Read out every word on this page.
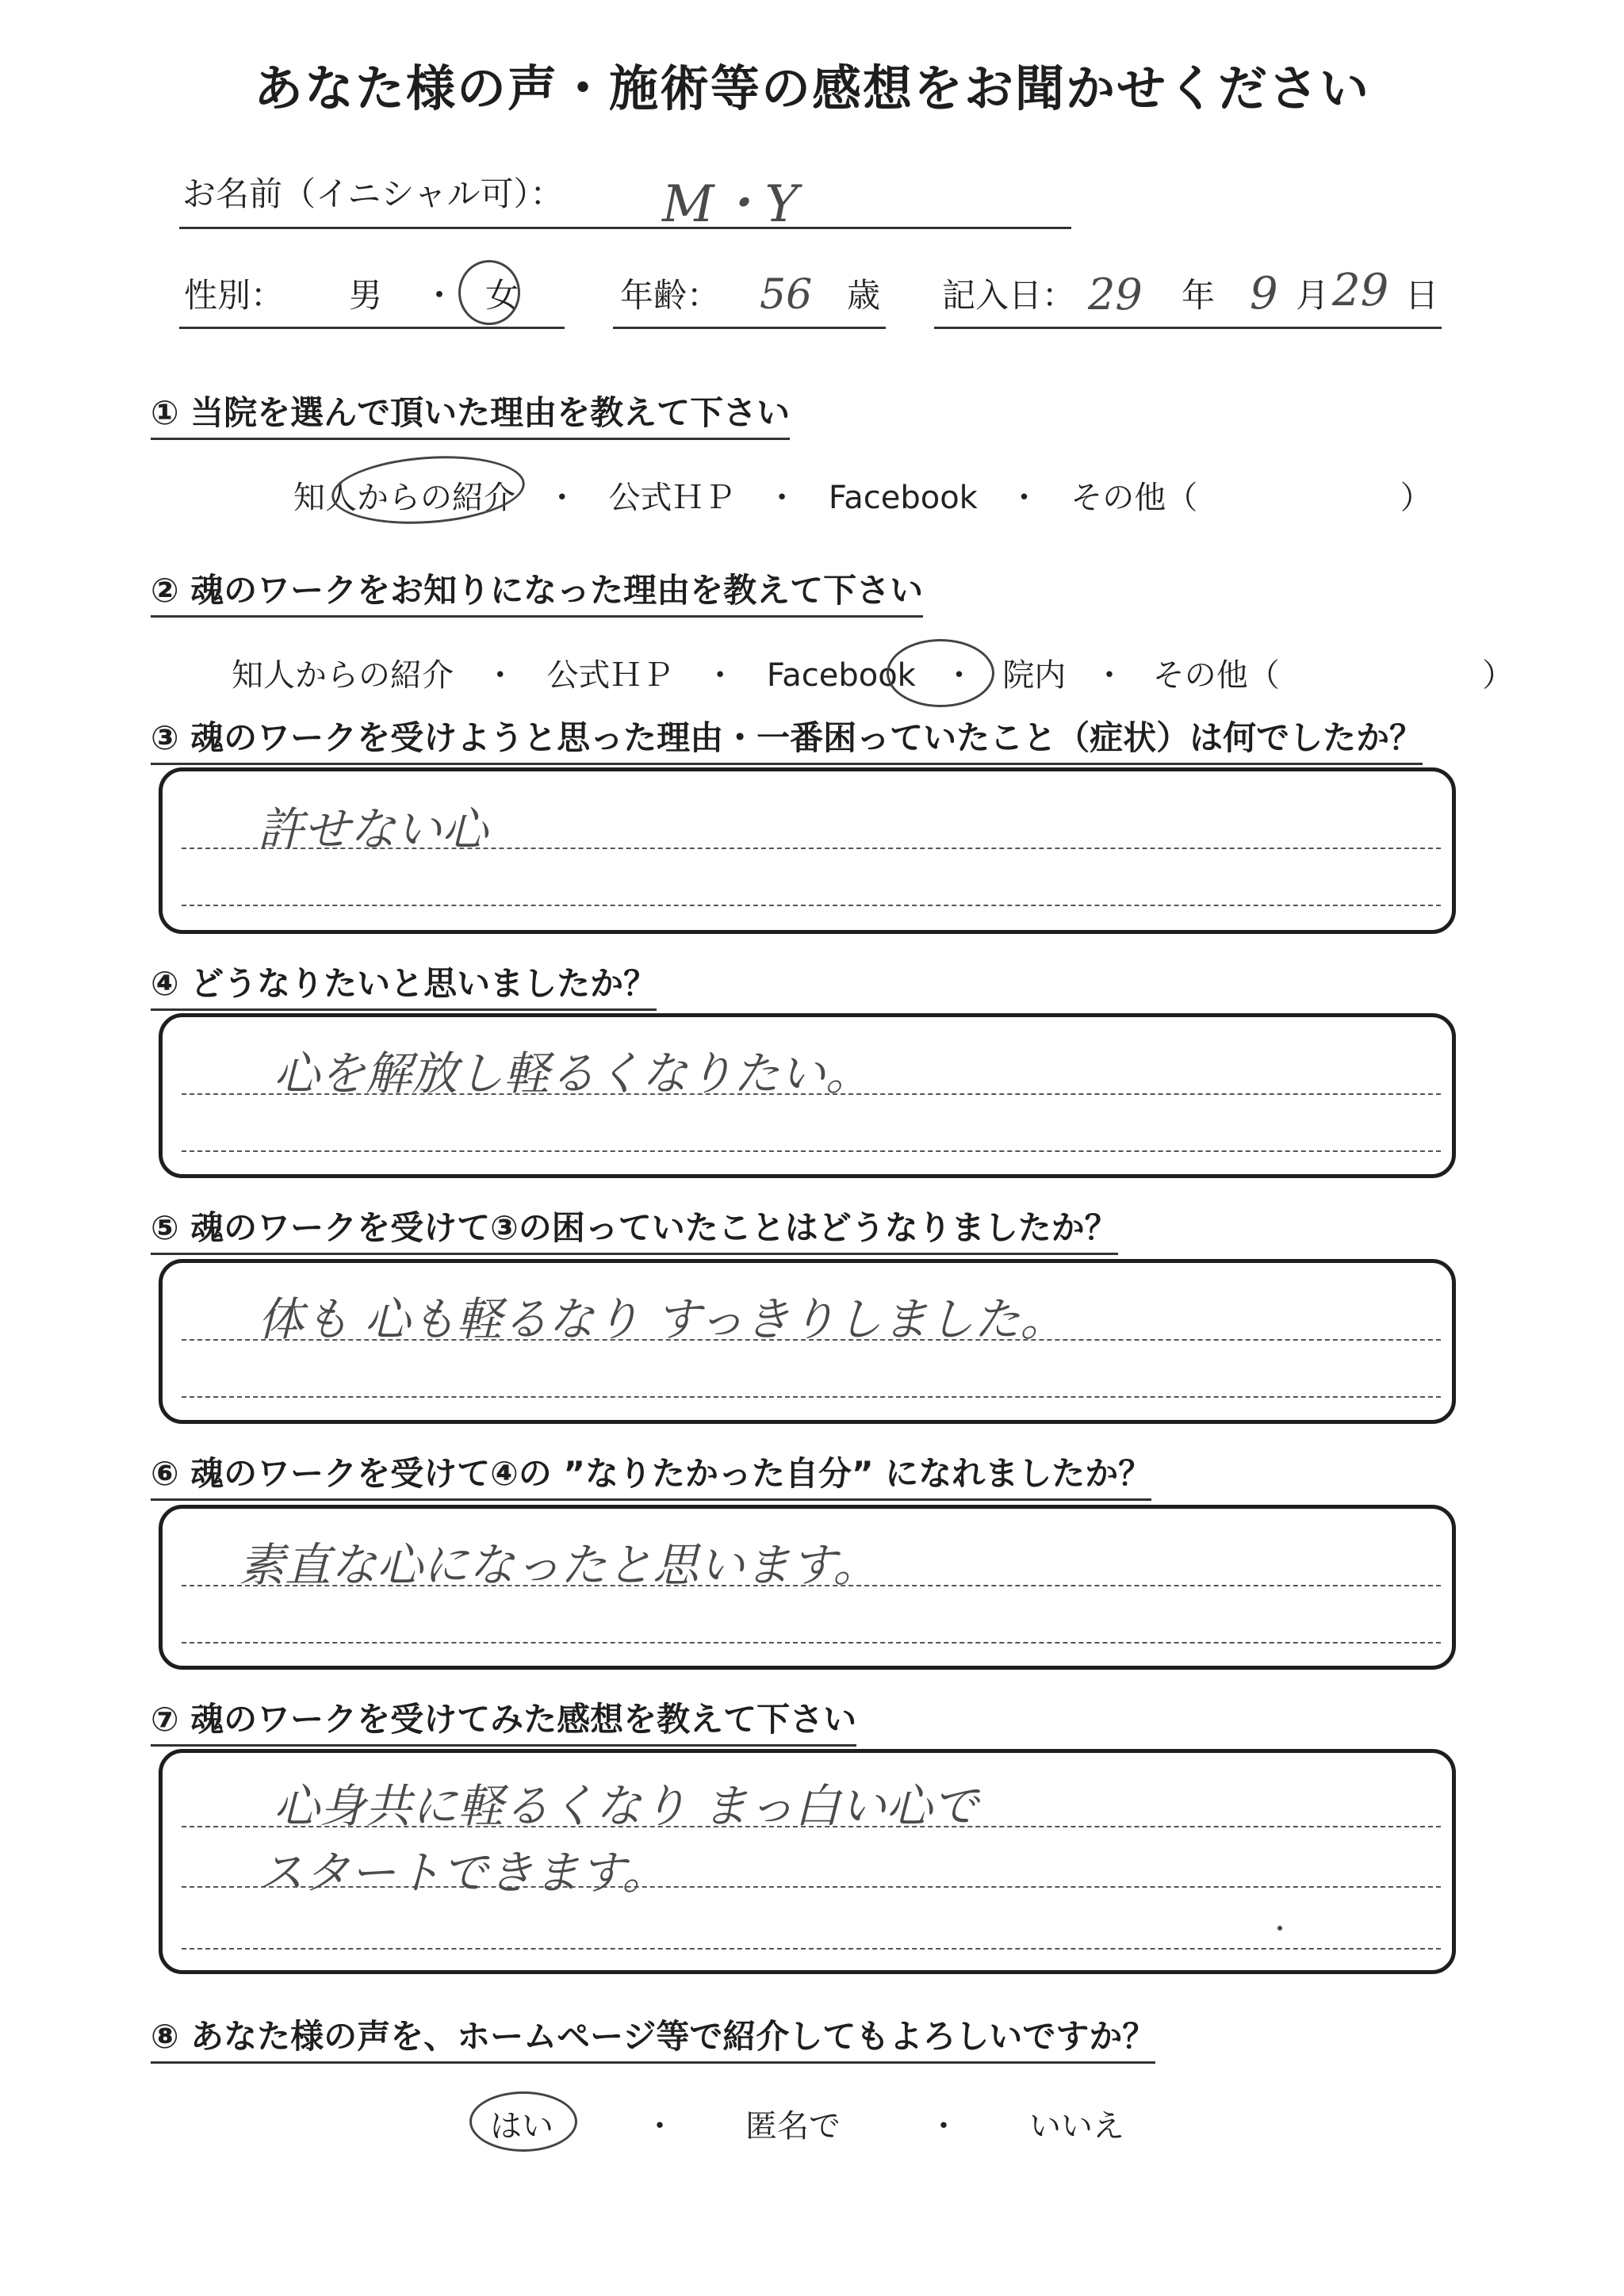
あなた様の声・施術等の感想をお聞かせください
お名前（イニシャル可）： M・Y
性別： 男 ・ 女	年齢： 56 歳 記入日： 29 年 9 月 29 日
① 当院を選んで頂いた理由を教えて下さい
知人からの紹介 ・ 公式ＨＰ ・ Facebook ・ その他（	）
② 魂のワークをお知りになった理由を教えて下さい
知人からの紹介 ・ 公式ＨＰ ・ Facebook ・ 院内 ・ その他（	）
③ 魂のワークを受けようと思った理由・一番困っていたこと（症状）は何でしたか？
許せない心
④ どうなりたいと思いましたか？
心を解放し軽るくなりたい。
⑤ 魂のワークを受けて③の困っていたことはどうなりましたか？
体も 心も軽るなり すっきりしました。
⑥ 魂のワークを受けて④の ”なりたかった自分” になれましたか？
素直な心になったと思います。
⑦ 魂のワークを受けてみた感想を教えて下さい
心身共に軽るくなり まっ白い心で
スタートできます。
⑧ あなた様の声を、ホームページ等で紹介してもよろしいですか？
はい	・ 匿名で	・ いいえ
